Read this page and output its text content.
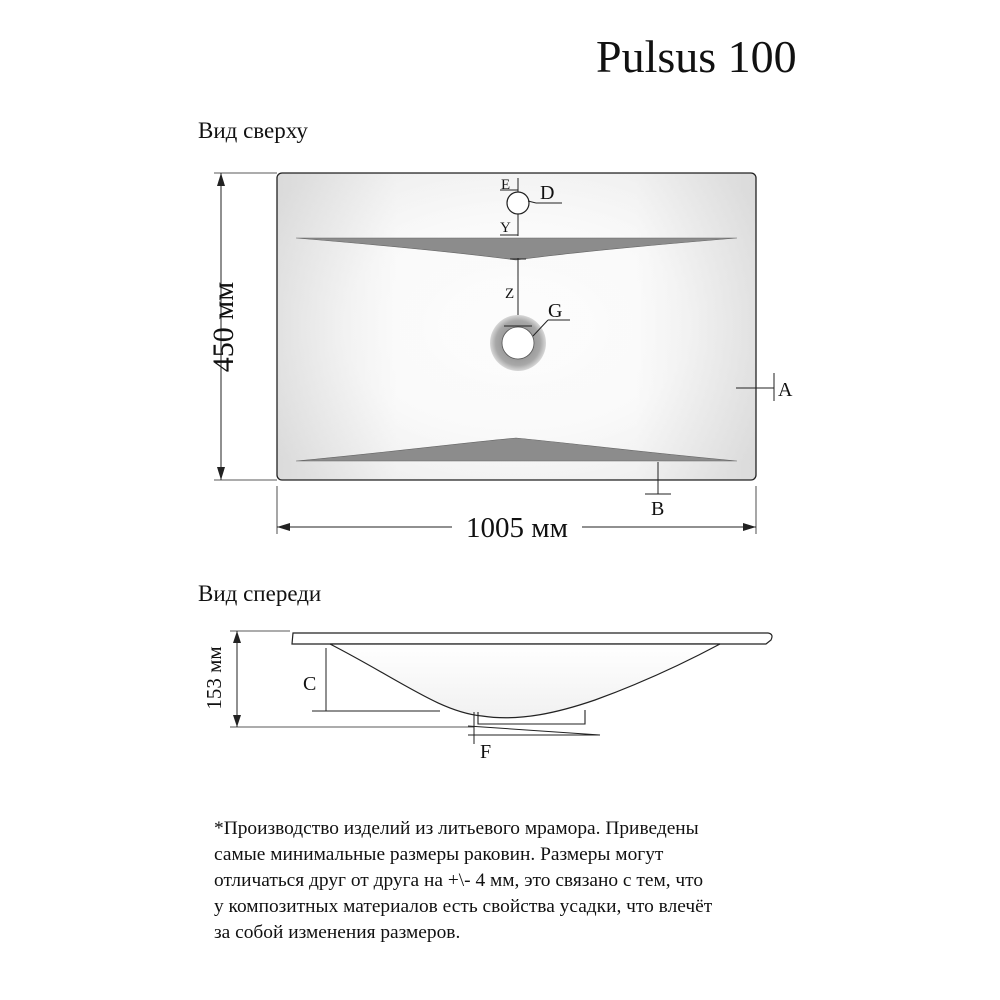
Pulsus 100
Вид сверху
Вид спереди
450 мм
1005 мм
E D
Y
Z
G
A
B
153 мм	C
F
*Производство изделий из литьевого мрамора. Приведены
самые минимальные размеры раковин. Размеры могут
отличаться друг от друга на +\- 4 мм, это связано с тем, что
у композитных материалов есть свойства усадки, что влечёт
за собой изменения размеров.
